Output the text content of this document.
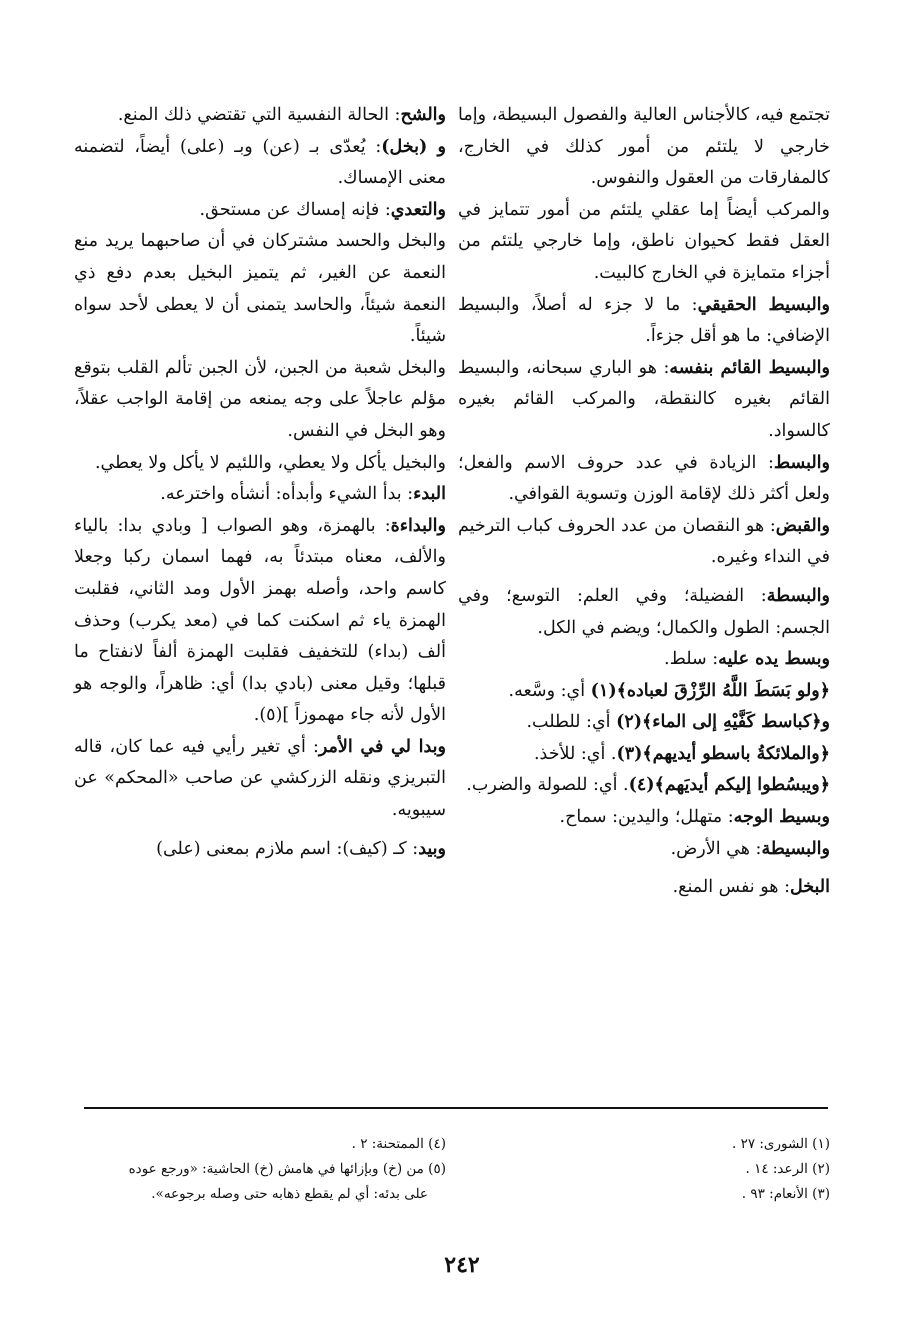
تجتمع فيه، كالأجناس العالية والفصول البسيطة، وإما خارجي لا يلتئم من أمور كذلك في الخارج، كالمفارقات من العقول والنفوس.

والمركب أيضاً إما عقلي يلتئم من أمور تتمايز في العقل فقط كحيوان ناطق، وإما خارجي يلتئم من أجزاء متمايزة في الخارج كالبيت.

والبسيط الحقيقي: ما لا جزء له أصلاً، والبسيط الإضافي: ما هو أقل جزءاً.

والبسيط القائم بنفسه: هو الباري سبحانه، والبسيط القائم بغيره كالنقطة، والمركب القائم بغيره كالسواد.

والبسط: الزيادة في عدد حروف الاسم والفعل؛ ولعل أكثر ذلك لإقامة الوزن وتسوية القوافي.

والقبض: هو النقصان من عدد الحروف كباب الترخيم في النداء وغيره.

والبسطة: الفضيلة؛ وفي العلم: التوسع؛ وفي الجسم: الطول والكمال؛ ويضم في الكل.

وبسط يده عليه: سلط.

﴿ولو بَسَطَ اللَّهُ الرِّزْقَ لعباده﴾(١) أي: وسَّعه.

و﴿كباسط كَفَّيْهِ إلى الماء﴾(٢) أي: للطلب.

﴿والملائكةُ باسطو أيديهم﴾(٣). أي: للأخذ.

﴿ويبسُطوا إليكم أيديَهم﴾(٤). أي: للصولة والضرب.

وبسيط الوجه: متهلل؛ واليدين: سماح.

والبسيطة: هي الأرض.

البخل: هو نفس المنع.

والشح: الحالة النفسية التي تقتضي ذلك المنع.

و (بخل): يُعدّى بـ (عن) وبـ (على) أيضاً، لتضمنه معنى الإمساك.

والتعدي: فإنه إمساك عن مستحق.

والبخل والحسد مشتركان في أن صاحبهما يريد منع النعمة عن الغير، ثم يتميز البخيل بعدم دفع ذي النعمة شيئاً، والحاسد يتمنى أن لا يعطى لأحد سواه شيئاً.

والبخل شعبة من الجبن، لأن الجبن تألم القلب بتوقع مؤلم عاجلاً على وجه يمنعه من إقامة الواجب عقلاً، وهو البخل في النفس.

والبخيل يأكل ولا يعطي، واللئيم لا يأكل ولا يعطي.

البدء: بدأ الشيء وأبدأه: أنشأه واخترعه.

والبداءة: بالهمزة، وهو الصواب [ وبادي بدا: بالياء والألف، معناه مبتدئاً به، فهما اسمان ركبا وجعلا كاسم واحد، وأصله بهمز الأول ومد الثاني، فقلبت الهمزة ياء ثم اسكنت كما في (معد يكرب) وحذف ألف (بداء) للتخفيف فقلبت الهمزة ألفاً لانفتاح ما قبلها؛ وقيل معنى (بادي بدا) أي: ظاهراً، والوجه هو الأول لأنه جاء مهموزاً ](٥).

وبدا لي في الأمر: أي تغير رأيي فيه عما كان، قاله التبريزي ونقله الزركشي عن صاحب «المحكم» عن سيبويه.

وبيد: كـ (كيف): اسم ملازم بمعنى (على)

(١) الشورى: ٢٧ .
(٢) الرعد: ١٤ .
(٣) الأنعام: ٩٣ .
(٤) الممتحنة: ٢ .
(٥) من (خ) وبإزائها في هامش (خ) الحاشية: «ورجع عوده
على بدئه: أي لم يقطع ذهابه حتى وصله برجوعه».
٢٤٢
